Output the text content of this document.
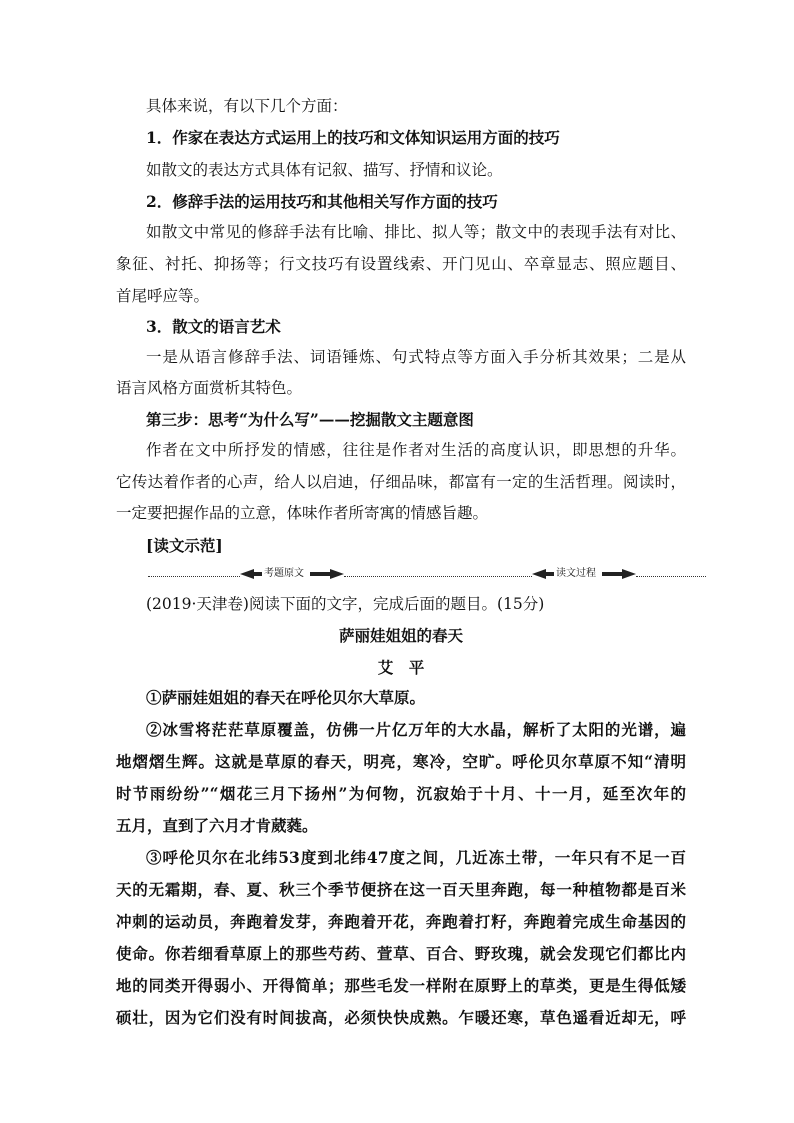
具体来说，有以下几个方面：
1．作家在表达方式运用上的技巧和文体知识运用方面的技巧
如散文的表达方式具体有记叙、描写、抒情和议论。
2．修辞手法的运用技巧和其他相关写作方面的技巧
如散文中常见的修辞手法有比喻、排比、拟人等；散文中的表现手法有对比、
象征、衬托、抑扬等；行文技巧有设置线索、开门见山、卒章显志、照应题目、
首尾呼应等。
3．散文的语言艺术
一是从语言修辞手法、词语锤炼、句式特点等方面入手分析其效果；二是从
语言风格方面赏析其特色。
第三步：思考“为什么写”——挖掘散文主题意图
作者在文中所抒发的情感，往往是作者对生活的高度认识，即思想的升华。
它传达着作者的心声，给人以启迪，仔细品味，都富有一定的生活哲理。阅读时，
一定要把握作品的立意，体味作者所寄寓的情感旨趣。
[读文示范]
考题原文	读文过程
(2019·天津卷)阅读下面的文字，完成后面的题目。(15分)
萨丽娃姐姐的春天
艾　平
①萨丽娃姐姐的春天在呼伦贝尔大草原。
②冰雪将茫茫草原覆盖，仿佛一片亿万年的大水晶，解析了太阳的光谱，遍
地熠熠生辉。这就是草原的春天，明亮，寒冷，空旷。呼伦贝尔草原不知“清明
时节雨纷纷”“烟花三月下扬州”为何物，沉寂始于十月、十一月，延至次年的
五月，直到了六月才肯葳蕤。
③呼伦贝尔在北纬53度到北纬47度之间，几近冻土带，一年只有不足一百
天的无霜期，春、夏、秋三个季节便挤在这一百天里奔跑，每一种植物都是百米
冲刺的运动员，奔跑着发芽，奔跑着开花，奔跑着打籽，奔跑着完成生命基因的
使命。你若细看草原上的那些芍药、萱草、百合、野玫瑰，就会发现它们都比内
地的同类开得弱小、开得简单；那些毛发一样附在原野上的草类，更是生得低矮
硕壮，因为它们没有时间拔高，必须快快成熟。乍暖还寒，草色遥看近却无，呼
